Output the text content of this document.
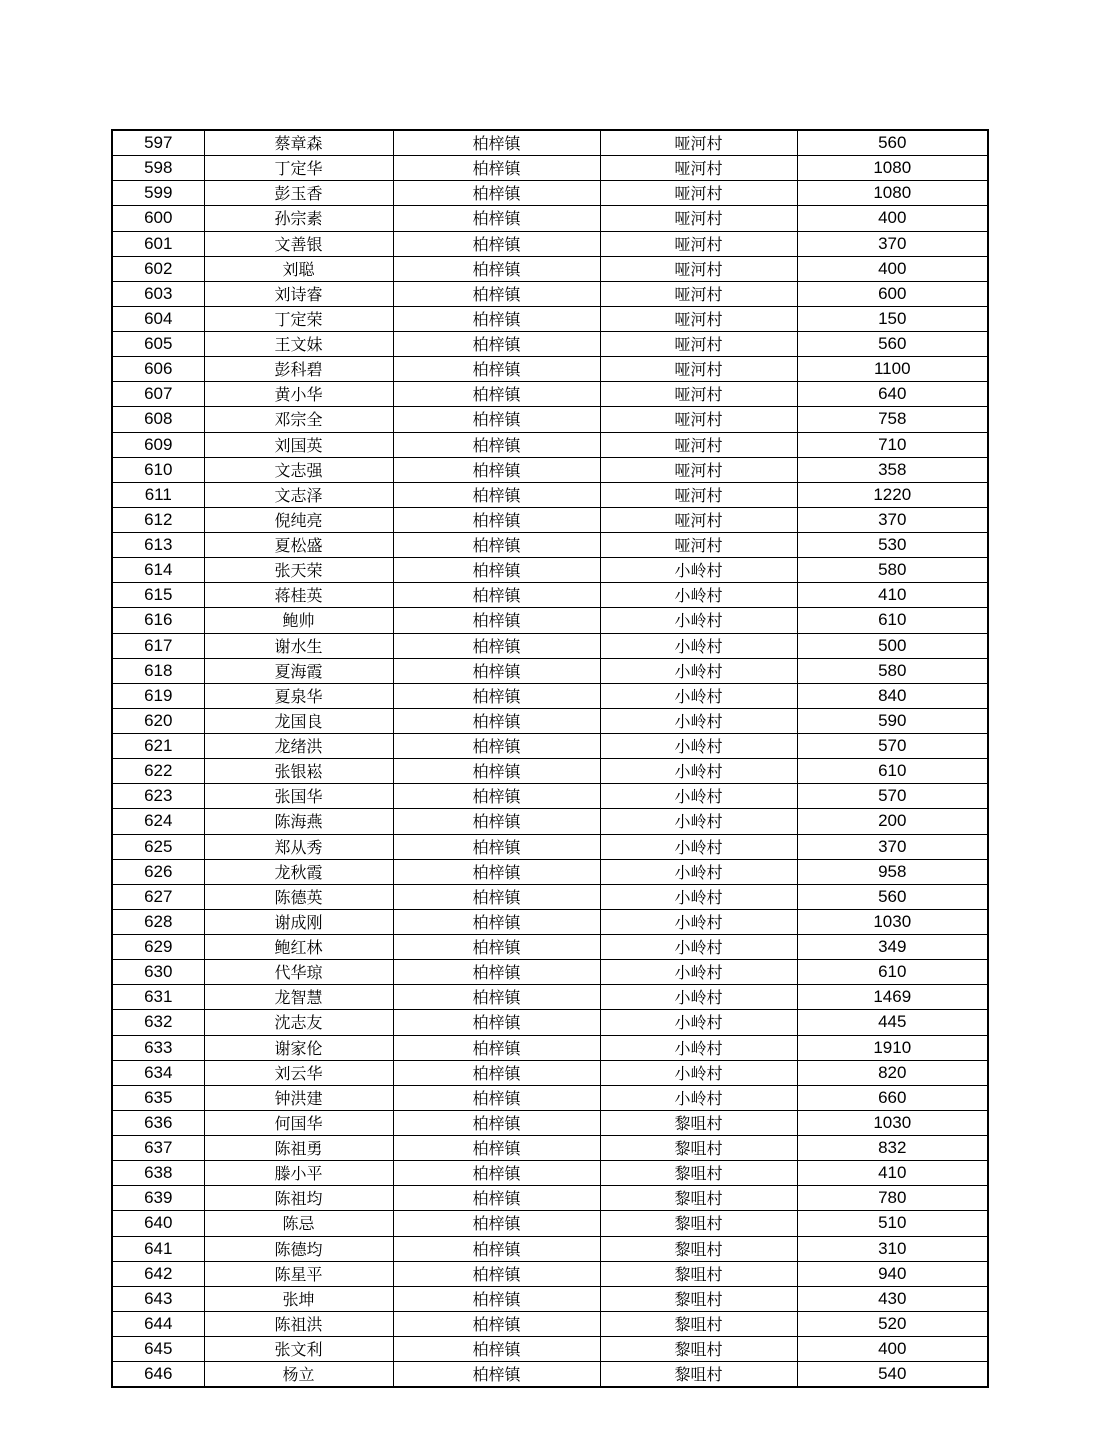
597	蔡章森	柏梓镇	哑河村	560
598	丁定华	柏梓镇	哑河村	1080
599	彭玉香	柏梓镇	哑河村	1080
600	孙宗素	柏梓镇	哑河村	400
601	文善银	柏梓镇	哑河村	370
602	刘聪	柏梓镇	哑河村	400
603	刘诗睿	柏梓镇	哑河村	600
604	丁定荣	柏梓镇	哑河村	150
605	王文妹	柏梓镇	哑河村	560
606	彭科碧	柏梓镇	哑河村	1100
607	黄小华	柏梓镇	哑河村	640
608	邓宗全	柏梓镇	哑河村	758
609	刘国英	柏梓镇	哑河村	710
610	文志强	柏梓镇	哑河村	358
611	文志泽	柏梓镇	哑河村	1220
612	倪纯亮	柏梓镇	哑河村	370
613	夏松盛	柏梓镇	哑河村	530
614	张天荣	柏梓镇	小岭村	580
615	蒋桂英	柏梓镇	小岭村	410
616	鲍帅	柏梓镇	小岭村	610
617	谢水生	柏梓镇	小岭村	500
618	夏海霞	柏梓镇	小岭村	580
619	夏泉华	柏梓镇	小岭村	840
620	龙国良	柏梓镇	小岭村	590
621	龙绪洪	柏梓镇	小岭村	570
622	张银崧	柏梓镇	小岭村	610
623	张国华	柏梓镇	小岭村	570
624	陈海燕	柏梓镇	小岭村	200
625	郑从秀	柏梓镇	小岭村	370
626	龙秋霞	柏梓镇	小岭村	958
627	陈德英	柏梓镇	小岭村	560
628	谢成刚	柏梓镇	小岭村	1030
629	鲍红林	柏梓镇	小岭村	349
630	代华琼	柏梓镇	小岭村	610
631	龙智慧	柏梓镇	小岭村	1469
632	沈志友	柏梓镇	小岭村	445
633	谢家伦	柏梓镇	小岭村	1910
634	刘云华	柏梓镇	小岭村	820
635	钟洪建	柏梓镇	小岭村	660
636	何国华	柏梓镇	黎咀村	1030
637	陈祖勇	柏梓镇	黎咀村	832
638	滕小平	柏梓镇	黎咀村	410
639	陈祖均	柏梓镇	黎咀村	780
640	陈忌	柏梓镇	黎咀村	510
641	陈德均	柏梓镇	黎咀村	310
642	陈星平	柏梓镇	黎咀村	940
643	张坤	柏梓镇	黎咀村	430
644	陈祖洪	柏梓镇	黎咀村	520
645	张文利	柏梓镇	黎咀村	400
646	杨立	柏梓镇	黎咀村	540
